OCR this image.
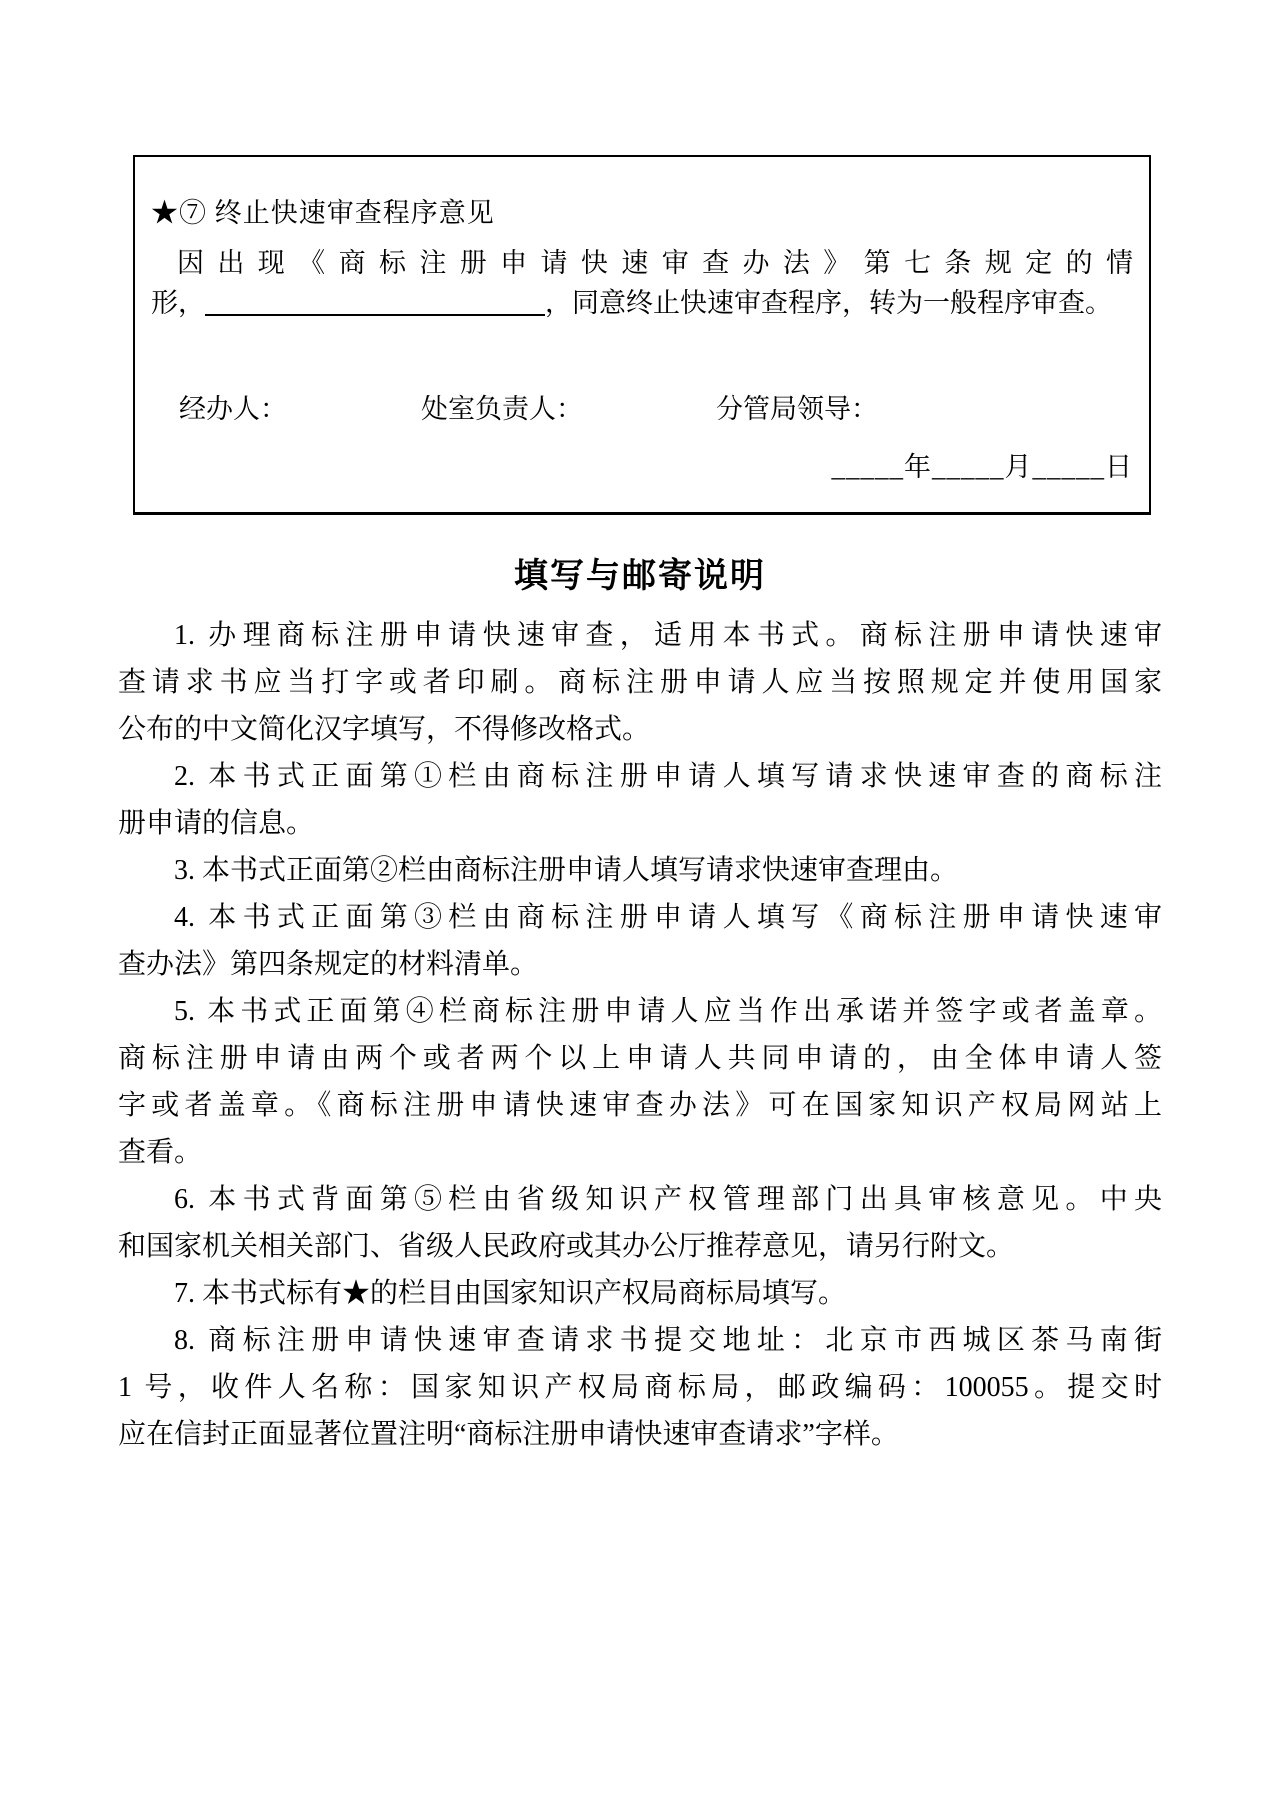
★⑦ 终止快速审查程序意见
因出现《商标注册申请快速审查办法》第七条规定的情
形，	，同意终止快速审查程序，转为一般程序审查。
经办人：	处室负责人：	分管局领导：
_____年_____月_____日
填写与邮寄说明

1. 办理商标注册申请快速审查，适用本书式。商标注册申请快速审
查请求书应当打字或者印刷。商标注册申请人应当按照规定并使用国家
公布的中文简化汉字填写，不得修改格式。

2. 本书式正面第①栏由商标注册申请人填写请求快速审查的商标注
册申请的信息。

3. 本书式正面第②栏由商标注册申请人填写请求快速审查理由。

4. 本书式正面第③栏由商标注册申请人填写《商标注册申请快速审
查办法》第四条规定的材料清单。

5. 本书式正面第④栏商标注册申请人应当作出承诺并签字或者盖章。
商标注册申请由两个或者两个以上申请人共同申请的，由全体申请人签
字或者盖章。《商标注册申请快速审查办法》可在国家知识产权局网站上
查看。

6. 本书式背面第⑤栏由省级知识产权管理部门出具审核意见。中央
和国家机关相关部门、省级人民政府或其办公厅推荐意见，请另行附文。

7. 本书式标有★的栏目由国家知识产权局商标局填写。

8. 商标注册申请快速审查请求书提交地址：北京市西城区茶马南街
1 号，收件人名称：国家知识产权局商标局，邮政编码：100055。提交时
应在信封正面显著位置注明“商标注册申请快速审查请求”字样。
